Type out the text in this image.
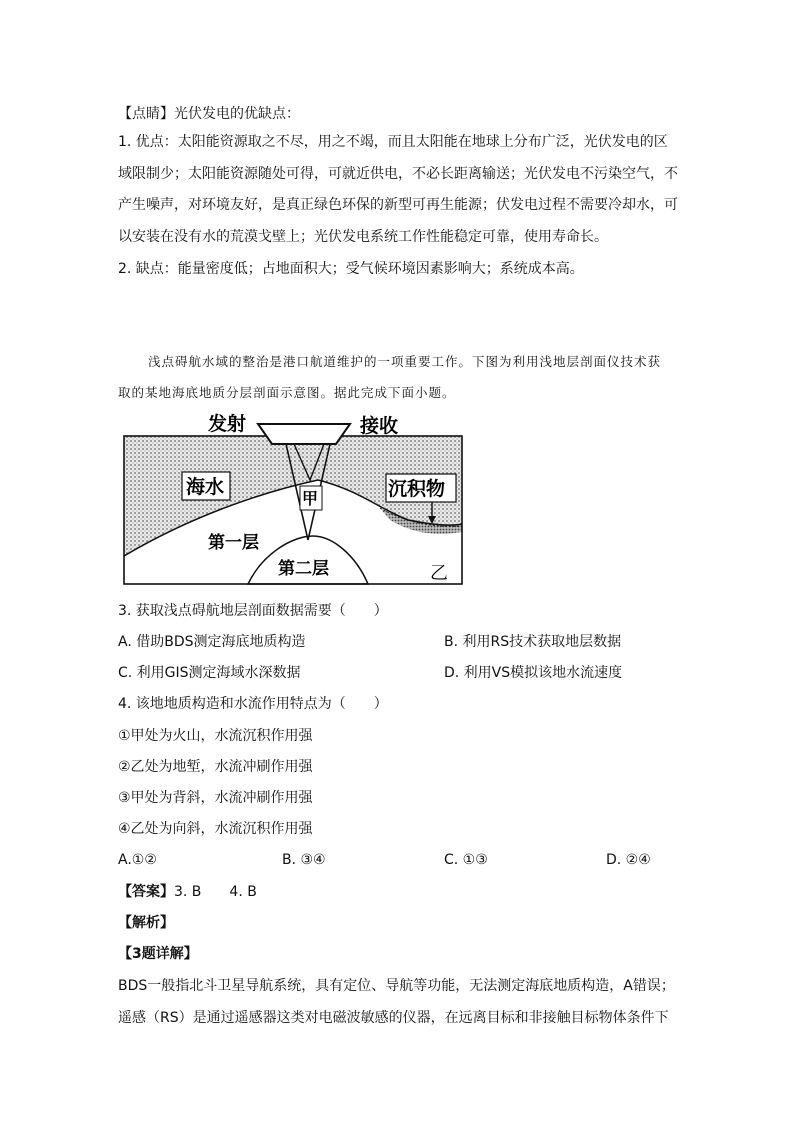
【点睛】光伏发电的优缺点：
1. 优点：太阳能资源取之不尽，用之不竭，而且太阳能在地球上分布广泛，光伏发电的区
域限制少；太阳能资源随处可得，可就近供电，不必长距离输送；光伏发电不污染空气，不
产生噪声，对环境友好，是真正绿色环保的新型可再生能源；伏发电过程不需要冷却水，可
以安装在没有水的荒漠戈壁上；光伏发电系统工作性能稳定可靠，使用寿命长。
2. 缺点：能量密度低；占地面积大；受气候环境因素影响大；系统成本高。
浅点碍航水域的整治是港口航道维护的一项重要工作。下图为利用浅地层剖面仪技术获
取的某地海底地质分层剖面示意图。据此完成下面小题。
发射	接收
海水
甲	沉积物
第一层
第二层	乙
3. 获取浅点碍航地层剖面数据需要（　　）
A. 借助BDS测定海底地质构造	B. 利用RS技术获取地层数据
C. 利用GIS测定海域水深数据	D. 利用VS模拟该地水流速度
4. 该地地质构造和水流作用特点为（　　）
①甲处为火山，水流沉积作用强
②乙处为地堑，水流冲刷作用强
③甲处为背斜，水流冲刷作用强
④乙处为向斜，水流沉积作用强
A.①②	B. ③④	C. ①③	D. ②④
【答案】3. B　　4. B
【解析】
【3题详解】
BDS一般指北斗卫星导航系统，具有定位、导航等功能，无法测定海底地质构造，A错误；
遥感（RS）是通过遥感器这类对电磁波敏感的仪器，在远离目标和非接触目标物体条件下
